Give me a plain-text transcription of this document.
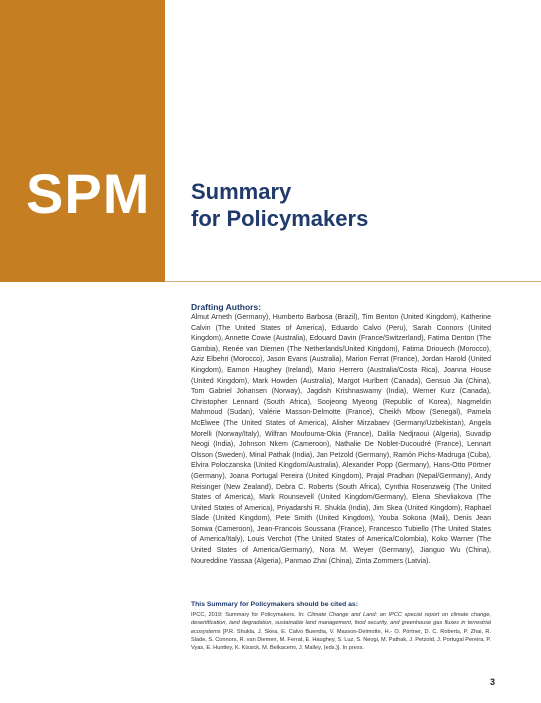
SPM Summary
for Policymakers
Drafting Authors:
Almut Arneth (Germany), Humberto Barbosa (Brazil), Tim Benton (United Kingdom), Katherine Calvin (The United States of America), Eduardo Calvo (Peru), Sarah Connors (United Kingdom), Annette Cowie (Australia), Edouard Davin (France/Switzerland), Fatima Denton (The Gambia), Renée van Diemen (The Netherlands/United Kingdom), Fatima Driouech (Morocco), Aziz Elbehri (Morocco), Jason Evans (Australia), Marion Ferrat (France), Jordan Harold (United Kingdom), Eamon Haughey (Ireland), Mario Herrero (Australia/Costa Rica), Joanna House (United Kingdom), Mark Howden (Australia), Margot Hurlbert (Canada), Gensuo Jia (China), Tom Gabriel Johansen (Norway), Jagdish Krishnaswamy (India), Werner Kurz (Canada), Christopher Lennard (South Africa), Soojeong Myeong (Republic of Korea), Nagmeldin Mahmoud (Sudan), Valérie Masson-Delmotte (France), Cheikh Mbow (Senegal), Pamela McElwee (The United States of America), Alisher Mirzabaev (Germany/Uzbekistan), Angela Morelli (Norway/Italy), Wilfran Moufouma-Okia (France), Dalila Nedjraoui (Algeria), Suvadip Neogi (India), Johnson Nkem (Cameroon), Nathalie De Noblet-Ducoudré (France), Lennart Olsson (Sweden), Minal Pathak (India), Jan Petzold (Germany), Ramón Pichs-Madruga (Cuba), Elvira Poloczanska (United Kingdom/Australia), Alexander Popp (Germany), Hans-Otto Pörtner (Germany), Joana Portugal Pereira (United Kingdom), Prajal Pradhan (Nepal/Germany), Andy Reisinger (New Zealand), Debra C. Roberts (South Africa), Cynthia Rosenzweig (The United States of America), Mark Rounsevell (United Kingdom/Germany), Elena Shevliakova (The United States of America), Priyadarshi R. Shukla (India), Jim Skea (United Kingdom), Raphael Slade (United Kingdom), Pete Smith (United Kingdom), Youba Sokona (Mali), Denis Jean Sonwa (Cameroon), Jean-Francois Soussana (France), Francesco Tubiello (The United States of America/Italy), Louis Verchot (The United States of America/Colombia), Koko Warner (The United States of America/Germany), Nora M. Weyer (Germany), Jianguo Wu (China), Noureddine Yassaa (Algeria), Panmao Zhai (China), Zinta Zommers (Latvia).
This Summary for Policymakers should be cited as:
IPCC, 2019: Summary for Policymakers. In: Climate Change and Land: an IPCC special report on climate change, desertification, land degradation, sustainable land management, food security, and greenhouse gas fluxes in terrestrial ecosystems [P.R. Shukla, J. Skea, E. Calvo Buendia, V. Masson-Delmotte, H.- O. Pörtner, D. C. Roberts, P. Zhai, R. Slade, S. Connors, R. van Diemen, M. Ferrat, E. Haughey, S. Luz, S. Neogi, M. Pathak, J. Petzold, J. Portugal Pereira, P. Vyas, E. Huntley, K. Kissick, M. Belkacemi, J. Malley, (eds.)]. In press.
3
